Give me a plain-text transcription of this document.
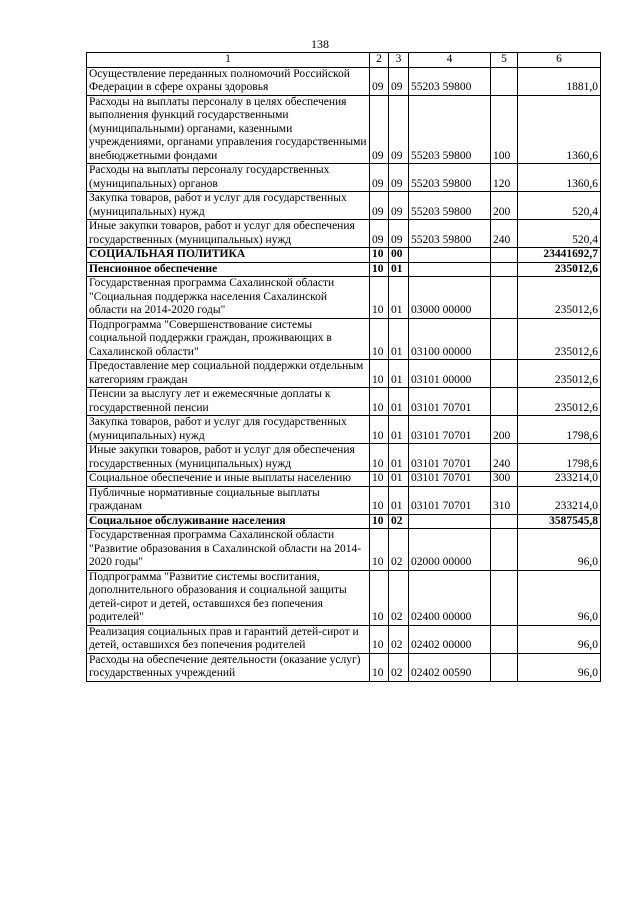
138
1	2	3	4	5	6
Осуществление переданных полномочий Российской Федерации в сфере охраны здоровья	09	09	55203 59800		1881,0
Расходы на выплаты персоналу в целях обеспечения выполнения функций государственными (муниципальными) органами, казенными учреждениями, органами управления государственными внебюджетными фондами	09	09	55203 59800	100	1360,6
Расходы на выплаты персоналу государственных (муниципальных) органов	09	09	55203 59800	120	1360,6
Закупка товаров, работ и услуг для государственных (муниципальных) нужд	09	09	55203 59800	200	520,4
Иные закупки товаров, работ и услуг для обеспечения государственных (муниципальных) нужд	09	09	55203 59800	240	520,4
СОЦИАЛЬНАЯ ПОЛИТИКА	10	00			23441692,7
Пенсионное обеспечение	10	01			235012,6
Государственная программа Сахалинской области "Социальная поддержка населения Сахалинской области на 2014-2020 годы"	10	01	03000 00000		235012,6
Подпрограмма "Совершенствование системы социальной поддержки граждан, проживающих в Сахалинской области"	10	01	03100 00000		235012,6
Предоставление мер социальной поддержки отдельным категориям граждан	10	01	03101 00000		235012,6
Пенсии за выслугу лет и ежемесячные доплаты к государственной пенсии	10	01	03101 70701		235012,6
Закупка товаров, работ и услуг для государственных (муниципальных) нужд	10	01	03101 70701	200	1798,6
Иные закупки товаров, работ и услуг для обеспечения государственных (муниципальных) нужд	10	01	03101 70701	240	1798,6
Социальное обеспечение и иные выплаты населению	10	01	03101 70701	300	233214,0
Публичные нормативные социальные выплаты гражданам	10	01	03101 70701	310	233214,0
Социальное обслуживание населения	10	02			3587545,8
Государственная программа Сахалинской области "Развитие образования в Сахалинской области на 2014-2020 годы"	10	02	02000 00000		96,0
Подпрограмма "Развитие системы воспитания, дополнительного образования и социальной защиты детей-сирот и детей, оставшихся без попечения родителей"	10	02	02400 00000		96,0
Реализация социальных прав и гарантий детей-сирот и детей, оставшихся без попечения родителей	10	02	02402 00000		96,0
Расходы на обеспечение деятельности (оказание услуг) государственных учреждений	10	02	02402 00590		96,0
